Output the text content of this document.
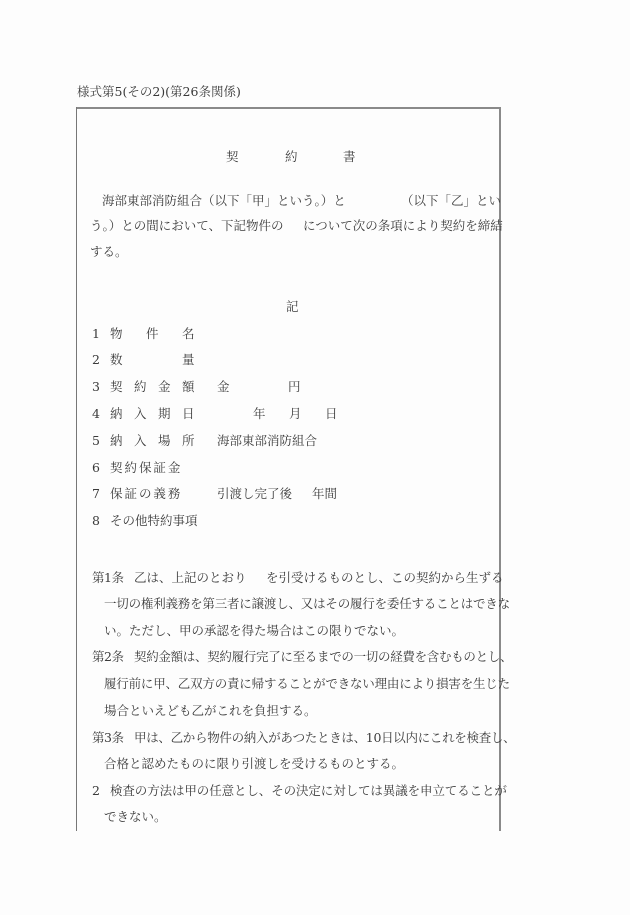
様式第5(その2)(第26条関係)
契	約	書
海部東部消防組合（以下「甲」という。）と	（以下「乙」とい
う。）との間において、下記物件の について次の条項により契約を締結
する。
記
1 物 件 名
2 数	量
3 契 約 金 額 金	円
4 納 入 期 日	年 月 日
5 納 入 場 所 海部東部消防組合
6 契 約 保 証 金
7 保 証 の 義 務	引渡し完了後 年間
8 その他特約事項
第1条 乙は、上記のとおり を引受けるものとし、この契約から生ずる
一切の権利義務を第三者に譲渡し、又はその履行を委任することはできな
い。ただし、甲の承認を得た場合はこの限りでない。
第2条 契約金額は、契約履行完了に至るまでの一切の経費を含むものとし、
履行前に甲、乙双方の責に帰することができない理由により損害を生じた
場合といえども乙がこれを負担する。
第3条 甲は、乙から物件の納入があつたときは、10日以内にこれを検査し、
合格と認めたものに限り引渡しを受けるものとする。
2 検査の方法は甲の任意とし、その決定に対しては異議を申立てることが
できない。
